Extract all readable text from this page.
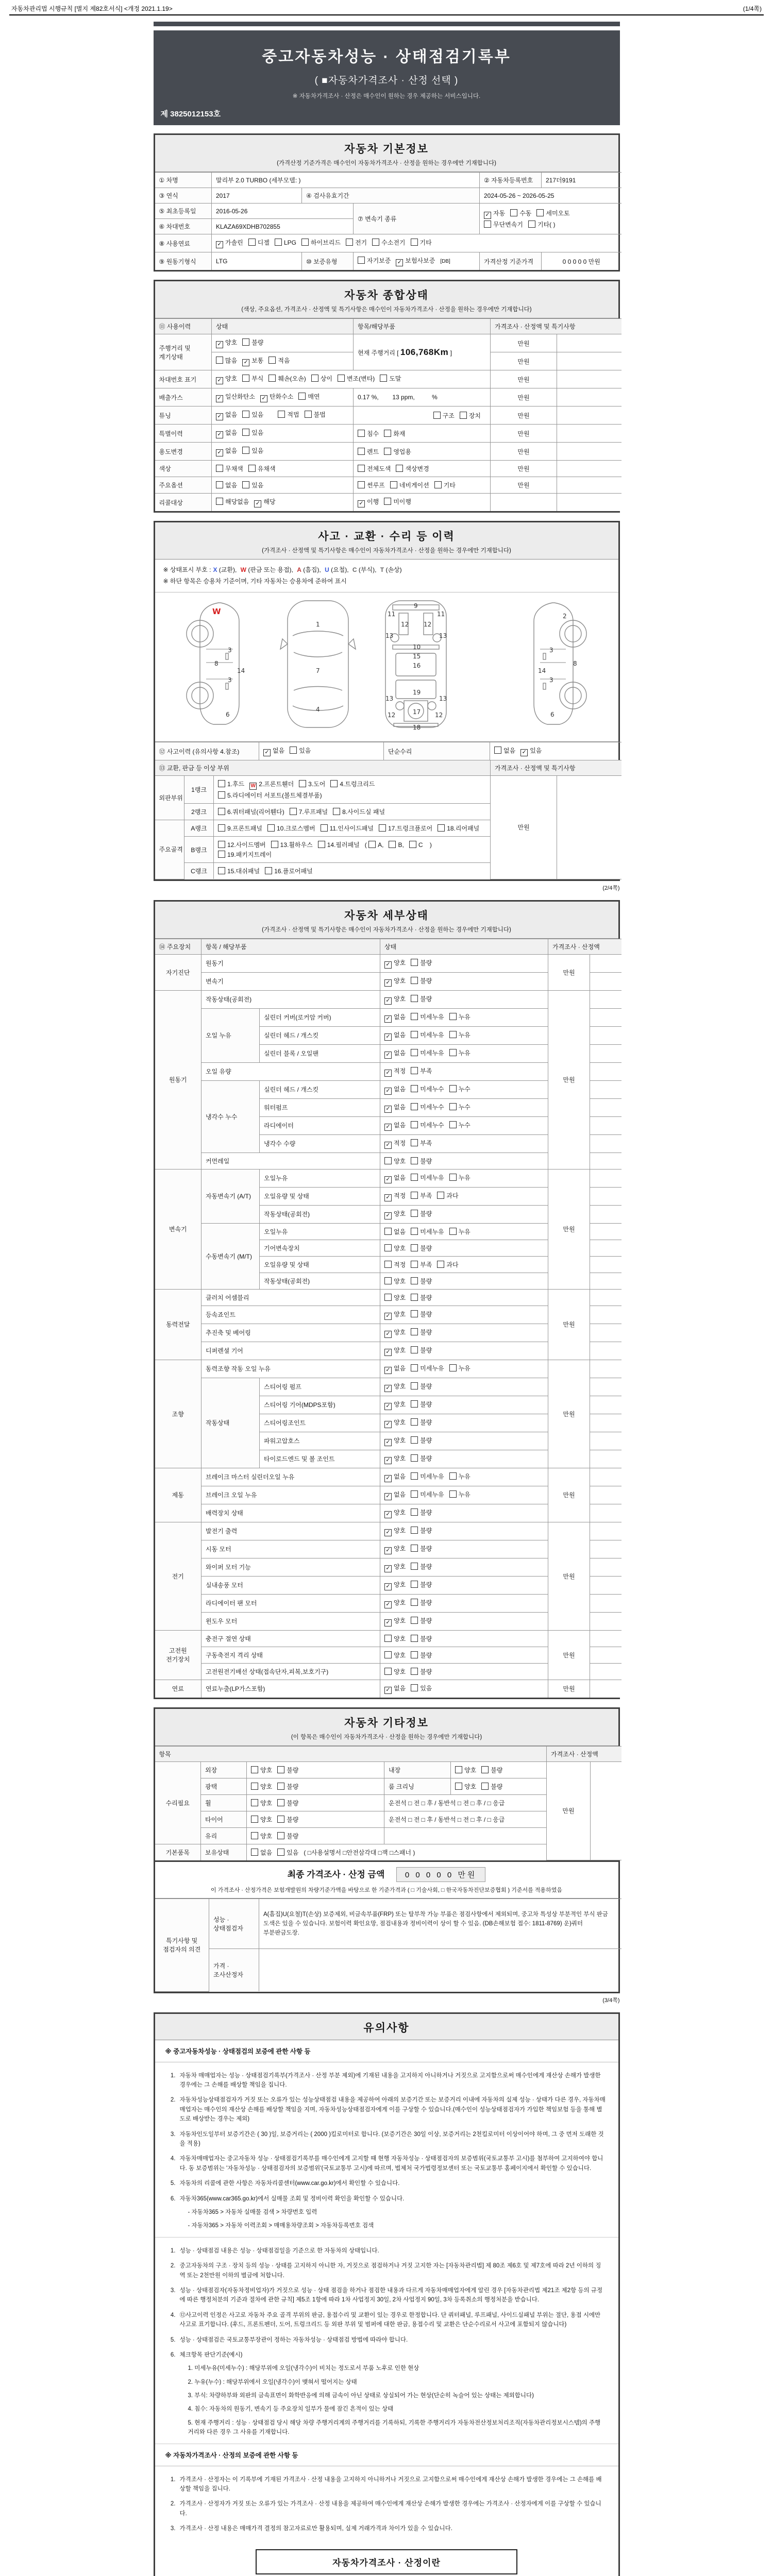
자동차관리법 시행규칙 [별지 제82호서식] <개정 2021.1.19>	(1/4쪽)
중고자동차성능 · 상태점검기록부
( ■자동차가격조사 · 산정 선택 )
※ 자동차가격조사 · 산정은 매수인이 원하는 경우 제공하는 서비스입니다.
제 3825012153호
자동차 기본정보
(가격산정 기준가격은 매수인이 자동차가격조사 · 산정을 원하는 경우에만 기재합니다)
① 차명	말리부 2.0 TURBO (세부모델: )			② 자동차등록번호	217더9191
③ 연식	2017	④ 검사유효기간		2024-05-26 ~ 2026-05-25	
⑤ 최초등록일	2016-05-26		⑦ 변속기 종류	✓ 자동 수동 세미오토무단변속기 기타( )	
⑥ 차대번호	KLAZA69XDHB702855				
⑧ 사용연료	✓ 가솔린 디젤 LPG 하이브리드 전기 수소전기 기타				
⑨ 원동기형식	LTG	⑩ 보증유형	자기보증 ✓ 보험사보증 [DB]	가격산정 기준가격	0 0 0 0 0 만원
자동차 종합상태
(색상, 주요옵션, 가격조사 · 산정액 및 특기사항은 매수인이 자동차가격조사 · 산정을 원하는 경우에만 기재합니다)
⑪ 사용이력	상태	항목/해당부품	가격조사 · 산정액 및 특기사항	
주행거리 및 계기상태	✓ 양호 불량	현재 주행거리 [ 106,768Km ]	만원	
	많음 ✓ 보통 적음		만원	
차대번호 표기	✓ 양호 부식 훼손(오손) 상이 변조(변타) 도말		만원	
배출가스	✓ 일산화탄소 ✓ 탄화수소 매연	0.17 %,        13 ppm,          %	만원	
튜닝	✓ 없음 있음 적법 불법	구조 장치	만원	
특별이력	✓ 없음 있음	침수 화재	만원	
용도변경	✓ 없음 있음	렌트 영업용	만원	
색상	무채색 유채색	전체도색 색상변경	만원	
주요옵션	없음 있음	썬루프 네비게이션 기타	만원	
리콜대상	해당없음 ✓ 해당	✓ 이행 미이행		
사고 · 교환 · 수리 등 이력
(가격조사 · 산정액 및 특기사항은 매수인이 자동차가격조사 · 산정을 원하는 경우에만 기재합니다)
※ 상태표시 부호 : X (교환), W (판금 또는 용접), A (흠집), U (요철), C (부식), T (손상)
※ 하단 항목은 승용차 기준이며, 기타 자동차는 승용차에 준하여 표시
3
3
8
14
6
1
7
4
9
11	11
13	13
12 12
10
15
16
13	13
19
12	12
17
18
2
3
3
8
14
6
W
⑫ 사고이력 (유의사항 4.참조)	✓ 없음 있음	단순수리	없음 ✓ 있음
⑬ 교환, 판금 등 이상 부위			가격조사 · 산정액 및 특기사항	
외판부위	1랭크	1.후드 W 2.프론트휀더 3.도어 4.트렁크리드5.라디에이터 서포트(볼트체결부품)	만원	
	2랭크	6.쿼터패널(리어휀다) 7.루프패널 8.사이드실 패널		
주요골격	A랭크	9.프론트패널 10.크로스멤버 11.인사이드패널 17.트렁크플로어 18.리어패널		
	B랭크	12.사이드멤버 13.휠하우스 14.필러패널 ( A, B, C )  19.패키지트레이		
	C랭크	15.대쉬패널 16.플로어패널		
(2/4쪽)
자동차 세부상태
(가격조사 · 산정액 및 특기사항은 매수인이 자동차가격조사 · 산정을 원하는 경우에만 기재합니다)
⑭ 주요장치	항목 / 해당부품		상태	가격조사 · 산정액	
자기진단	원동기		✓ 양호 불량	만원	
	변속기		✓ 양호 불량		
원동기	작동상태(공회전)		✓ 양호 불량	만원	
	오일 누유	실린더 커버(로커암 커버)	✓ 없음 미세누유 누유		
		실린더 헤드 / 개스킷	✓ 없음 미세누유 누유		
		실린더 블록 / 오일팬	✓ 없음 미세누유 누유		
	오일 유량		✓ 적정 부족		
	냉각수 누수	실린더 헤드 / 개스킷	✓ 없음 미세누수 누수		
		워터펌프	✓ 없음 미세누수 누수		
		라디에이터	✓ 없음 미세누수 누수		
		냉각수 수량	✓ 적정 부족		
	커먼레일		양호 불량		
변속기	자동변속기 (A/T)	오일누유	✓ 없음 미세누유 누유	만원	
		오일유량 및 상태	✓ 적정 부족 과다		
		작동상태(공회전)	✓ 양호 불량		
	수동변속기 (M/T)	오일누유	없음 미세누유 누유		
		기어변속장치	양호 불량		
		오일유량 및 상태	적정 부족 과다		
		작동상태(공회전)	양호 불량		
동력전달	클러치 어셈블리		양호 불량	만원	
	등속죠인트		✓ 양호 불량		
	추진축 및 베어링		✓ 양호 불량		
	디퍼렌셜 기어		✓ 양호 불량		
조향	동력조향 작동 오일 누유		✓ 없음 미세누유 누유	만원	
	작동상태	스티어링 펌프	✓ 양호 불량		
		스티어링 기어(MDPS포함)	✓ 양호 불량		
		스티어링조인트	✓ 양호 불량		
		파워고압호스	✓ 양호 불량		
		타이로드엔드 및 볼 조인트	✓ 양호 불량		
제동	브레이크 마스터 실린더오일 누유		✓ 없음 미세누유 누유	만원	
	브레이크 오일 누유		✓ 없음 미세누유 누유		
	배력장치 상태		✓ 양호 불량		
전기	발전기 출력		✓ 양호 불량	만원	
	시동 모터		✓ 양호 불량		
	와이퍼 모터 기능		✓ 양호 불량		
	실내송풍 모터		✓ 양호 불량		
	라디에이터 팬 모터		✓ 양호 불량		
	윈도우 모터		✓ 양호 불량		
고전원 전기장치	충전구 절연 상태		양호 불량	만원	
	구동축전지 격리 상태		양호 불량		
	고전원전기배선 상태(접속단자,피복,보호기구)		양호 불량		
연료	연료누출(LP가스포함)		✓ 없음 있음	만원	
자동차 기타정보
(이 항목은 매수인이 자동차가격조사 · 산정을 원하는 경우에만 기재합니다)
항목					가격조사 · 산정액	
수리필요	외장	양호 불량	내장	양호 불량	만원	
	광택	양호 불량	룸 크리닝	양호 불량		
	휠	양호 불량	운전석 □ 전 □ 후 / 동반석 □ 전 □ 후 / □ 응급			
	타이어	양호 불량	운전석 □ 전 □ 후 / 동반석 □ 전 □ 후 / □ 응급			
	유리	양호 불량				
기본품목	보유상태	없음 있음 ( □사용설명서 □안전삼각대 □잭 □스패너 )				
최종 가격조사 · 산정 금액	0 0 0 0 0 만원
이 가격조사 · 산정가격은 보험개발원의 차량기준가액을 바탕으로 한 기준가격과 ( □ 기술사회, □ 한국자동차진단보증협회 ) 기준서를 적용하였음
특기사항 및 점검자의 의견	성능 · 상태점검자	A(흠집)U(요철)T(손상) 보증제외, 비금속부품(FRP) 또는 탈부착 가능 부품은 점검사항에서 제외되며, 중고차 특성상 부분적인 부식 판금 도색은 있을 수 있습니다. 보험이력 확인요망, 점검내용과 정비이력이 상이 할 수 있음. (DB손해보험 접수: 1811-8769) 운)쿼터 부분판금도장.
	가격 · 조사산정자	
(3/4쪽)
유의사항
※ 중고자동차성능 · 상태점검의 보증에 관한 사항 등
1. 자동차 매매업자는 성능 · 상태점검기록부(가격조사 · 산정 부분 제외)에 기재된 내용을 고지하지 아니하거나 거짓으로 고지함으로써 매수인에게 재산상 손해가 발생한 경우에는 그 손해를 배상할 책임을 집니다.
2. 자동차성능상태점검자가 거짓 또는 오류가 있는 성능상태점검 내용을 제공하여 아래의 보증기간 또는 보증거리 이내에 자동차의 실제 성능 · 상태가 다른 경우, 자동차매매업자는 매수인의 재산상 손해를 배상할 책임을 지며, 자동차성능상태점검자에게 이를 구상할 수 있습니다.(매수인이 성능상태점검자가 가입한 책임보험 등을 통해 별도로 배상받는 경우는 제외)
3. 자동차인도일부터 보증기간은 ( 30 )일, 보증거리는 ( 2000 )킬로미터로 합니다. (보증기간은 30일 이상, 보증거리는 2천킬로미터 이상이어야 하며, 그 중 먼저 도래한 것을 적용)
4. 자동차매매업자는 중고자동차 성능 · 상태점검기록부를 매수인에게 고지할 때 현행 자동차성능 · 상태점검자의 보증범위(국토교통부 고시)를 첨부하여 고지하여야 합니다. 동 보증범위는 '자동차성능 · 상태점검자의 보증범위'(국토교통부 고시)에 따르며, 법제처 국가법령정보센터 또는 국토교통부 홈페이지에서 확인할 수 있습니다.
5. 자동차의 리콜에 관한 사항은 자동차리콜센터(www.car.go.kr)에서 확인할 수 있습니다.
6. 자동차365(www.car365.go.kr)에서 실매물 조회 및 정비이력 확인을 확인할 수 있습니다.
- 자동차365 > 자동차 실매물 검색 > 차량번호 입력
- 자동차365 > 자동차 이력조회 > 매매용차량조회 > 자동차등록번호 검색
1. 성능 · 상태점검 내용은 성능 · 상태점검일을 기준으로 한 자동차의 상태입니다.
2. 중고자동차의 구조 · 장치 등의 성능 · 상태를 고지하지 아니한 자, 거짓으로 점검하거나 거짓 고지한 자는 [자동차관리법] 제 80조 제6호 및 제7호에 따라 2년 이하의 징역 또는 2천만원 이하의 벌금에 처합니다.
3. 성능 · 상태점검자(자동차정비업자)가 거짓으로 성능 · 상태 점검을 하거나 점검한 내용과 다르게 자동차매매업자에게 알린 경우 [자동차관리법 제21조 제2항 등의 규정에 따른 행정처분의 기준과 절차에 관한 규칙] 제5조 1항에 따라 1차 사업정지 30일, 2차 사업정지 90일, 3차 등록취소의 행정처분을 받습니다.
4. ⑫사고이력 인정은 사고로 자동차 주요 골격 부위의 판금, 용접수리 및 교환이 있는 경우로 한정합니다. 단 쿼터패널, 루프패널, 사이드실패널 부위는 절단, 용접 시에만 사고로 표기합니다. (후드, 프론트펜더, 도어, 트렁크리드 등 외판 부위 및 범퍼에 대한 판금, 용접수리 및 교환은 단순수리로서 사고에 포함되지 않습니다)
5. 성능 · 상태점검은 국토교통부장관이 정하는 자동차성능 · 상태점검 방법에 따라야 합니다.
6. 체크항목 판단기준(예시)
1. 미세누유(미세누수) : 해당부위에 오일(냉각수)이 비치는 정도로서 부품 노후로 인한 현상
2. 누유(누수) : 해당부위에서 오일(냉각수)이 맺혀서 떨어지는 상태
3. 부식: 차량하부와 외판의 금속표면이 화학반응에 의해 금속이 아닌 상태로 상실되어 가는 현상(단순히 녹슬어 있는 상태는 제외합니다)
4. 침수: 자동차의 원동기, 변속기 등 주요장치 일부가 물에 잠긴 흔적이 있는 상태
5. 현재 주행거리 : 성능 · 상태점검 당시 해당 차량 주행거리계의 주행거리를 기록하되, 기록한 주행거리가 자동차전산정보처리조직(자동차관리정보시스템)의 주행거리와 다른 경우 그 사유를 기재합니다.
※ 자동차가격조사 · 산정의 보증에 관한 사항 등
1. 가격조사 · 산정자는 이 기록부에 기재된 가격조사 · 산정 내용을 고지하지 아니하거나 거짓으로 고지함으로써 매수인에게 재산상 손해가 발생한 경우에는 그 손해를 배상할 책임을 집니다.
2. 가격조사 · 산정자가 거짓 또는 오류가 있는 가격조사 · 산정 내용을 제공하여 매수인에게 재산상 손해가 발생한 경우에는 가격조사 · 산정자에게 이를 구상할 수 있습니다.
3. 가격조사 · 산정 내용은 매매가격 결정의 참고자료로만 활용되며, 실제 거래가격과 차이가 있을 수 있습니다.
자동차가격조사 · 산정이란
